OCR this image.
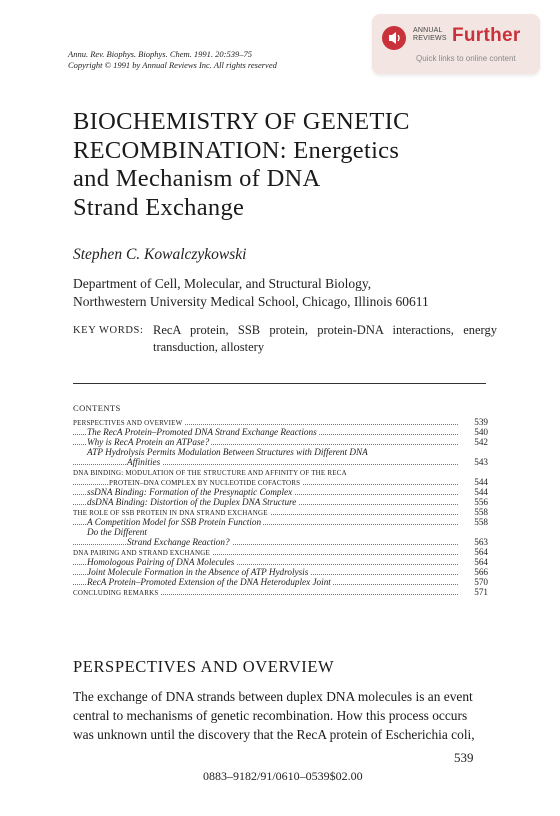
Annu. Rev. Biophys. Biophys. Chem. 1991. 20:539–75
Copyright © 1991 by Annual Reviews Inc. All rights reserved
ANNUAL
REVIEWS Further
Quick links to online content
BIOCHEMISTRY OF GENETIC
RECOMBINATION: Energetics
and Mechanism of DNA
Strand Exchange
Stephen C. Kowalczykowski
Department of Cell, Molecular, and Structural Biology,
Northwestern University Medical School, Chicago, Illinois 60611
KEY WORDS: RecA protein, SSB protein, protein-DNA interactions, energy transduction, allostery
CONTENTS
PERSPECTIVES AND OVERVIEW	539
The RecA Protein–Promoted DNA Strand Exchange Reactions	540
Why is RecA Protein an ATPase?	542
ATP Hydrolysis Permits Modulation Between Structures with Different DNA
Affinities	543
DNA BINDING: MODULATION OF THE STRUCTURE AND AFFINITY OF THE RECA
PROTEIN–DNA COMPLEX BY NUCLEOTIDE COFACTORS	544
ssDNA Binding: Formation of the Presynaptic Complex	544
dsDNA Binding: Distortion of the Duplex DNA Structure	556
THE ROLE OF SSB PROTEIN IN DNA STRAND EXCHANGE	558
A Competition Model for SSB Protein Function	558
Do the Different
Strand Exchange Reaction?	563
DNA PAIRING AND STRAND EXCHANGE	564
Homologous Pairing of DNA Molecules	564
Joint Molecule Formation in the Absence of ATP Hydrolysis	566
RecA Protein–Promoted Extension of the DNA Heteroduplex Joint	570
CONCLUDING REMARKS	571
PERSPECTIVES AND OVERVIEW
The exchange of DNA strands between duplex DNA molecules is an event
central to mechanisms of genetic recombination. How this process occurs
was unknown until the discovery that the RecA protein of Escherichia coli,
539
0883–9182/91/0610–0539$02.00
